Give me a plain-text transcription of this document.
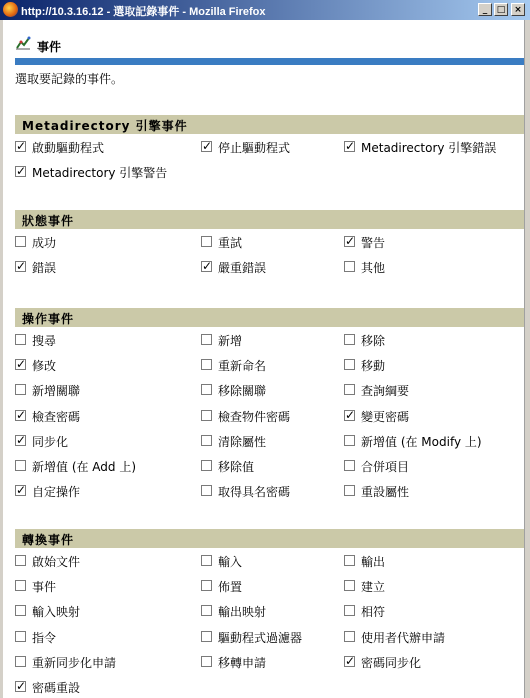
http://10.3.16.12 - 選取記錄事件 - Mozilla Firefox	_	□ ×
事件
選取要記錄的事件。
Metadirectory 引擎事件
✓ 啟動驅動程式	✓ 停止驅動程式	✓ Metadirectory 引擎錯誤
✓ Metadirectory 引擎警告
狀態事件
成功	重試	✓ 警告
✓ 錯誤	✓ 嚴重錯誤	其他
操作事件
搜尋	新增	移除
✓ 修改	重新命名	移動
新增關聯	移除關聯	查詢綱要
✓ 檢查密碼	檢查物件密碼	✓ 變更密碼
✓ 同步化	清除屬性	新增值 (在 Modify 上)
新增值 (在 Add 上)	移除值	合併項目
✓ 自定操作	取得具名密碼	重設屬性
轉換事件
啟始文件	輸入	輸出
事件	佈置	建立
輸入映射	輸出映射	相符
指令	驅動程式過濾器	使用者代辦申請
重新同步化申請	移轉申請	✓ 密碼同步化
✓ 密碼重設
